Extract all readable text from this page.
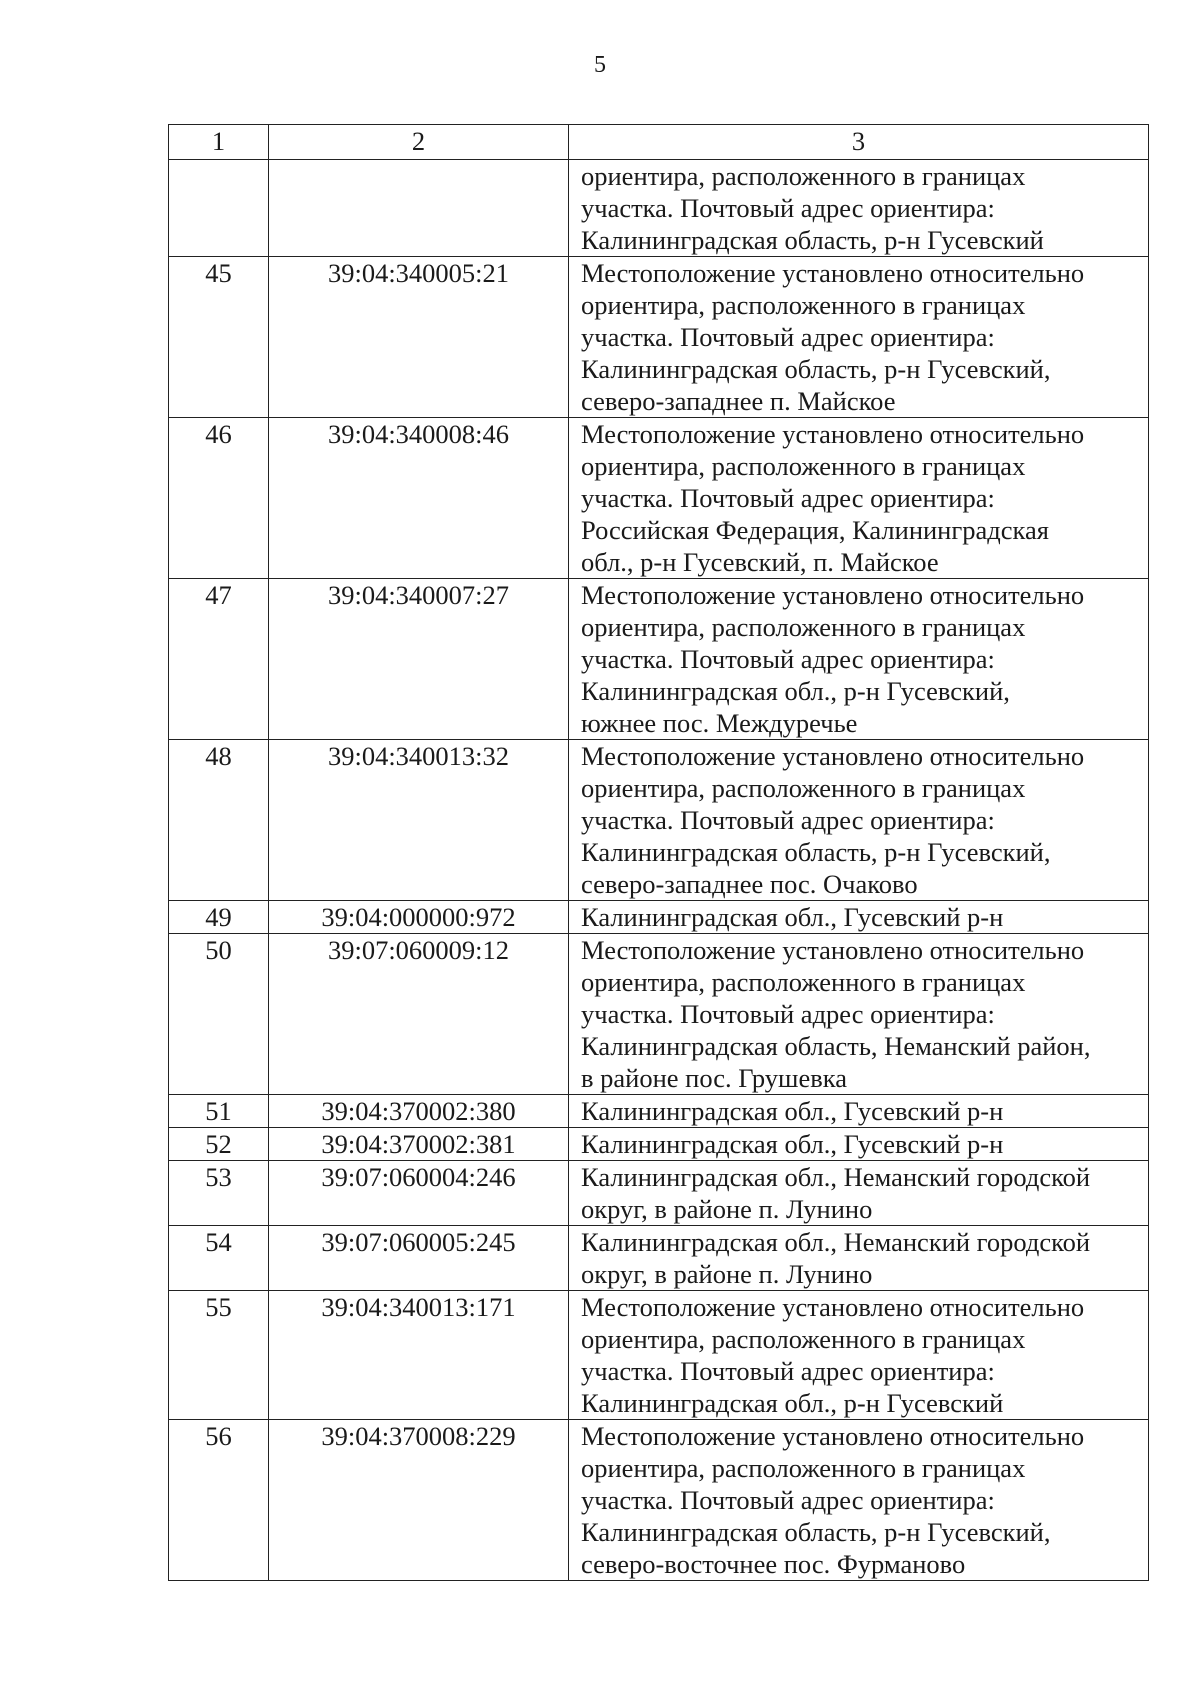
5
1	2	3
		ориентира, расположенного в границах
участка. Почтовый адрес ориентира:
Калининградская область, р-н Гусевский
45	39:04:340005:21	Местоположение установлено относительно
ориентира, расположенного в границах
участка. Почтовый адрес ориентира:
Калининградская область, р-н Гусевский,
северо-западнее п. Майское
46	39:04:340008:46	Местоположение установлено относительно
ориентира, расположенного в границах
участка. Почтовый адрес ориентира:
Российская Федерация, Калининградская
обл., р-н Гусевский, п. Майское
47	39:04:340007:27	Местоположение установлено относительно
ориентира, расположенного в границах
участка. Почтовый адрес ориентира:
Калининградская обл., р-н Гусевский,
южнее пос. Междуречье
48	39:04:340013:32	Местоположение установлено относительно
ориентира, расположенного в границах
участка. Почтовый адрес ориентира:
Калининградская область, р-н Гусевский,
северо-западнее пос. Очаково
49	39:04:000000:972	Калининградская обл., Гусевский р-н
50	39:07:060009:12	Местоположение установлено относительно
ориентира, расположенного в границах
участка. Почтовый адрес ориентира:
Калининградская область, Неманский район,
в районе пос. Грушевка
51	39:04:370002:380	Калининградская обл., Гусевский р-н
52	39:04:370002:381	Калининградская обл., Гусевский р-н
53	39:07:060004:246	Калининградская обл., Неманский городской
округ, в районе п. Лунино
54	39:07:060005:245	Калининградская обл., Неманский городской
округ, в районе п. Лунино
55	39:04:340013:171	Местоположение установлено относительно
ориентира, расположенного в границах
участка. Почтовый адрес ориентира:
Калининградская обл., р-н Гусевский
56	39:04:370008:229	Местоположение установлено относительно
ориентира, расположенного в границах
участка. Почтовый адрес ориентира:
Калининградская область, р-н Гусевский,
северо-восточнее пос. Фурманово
